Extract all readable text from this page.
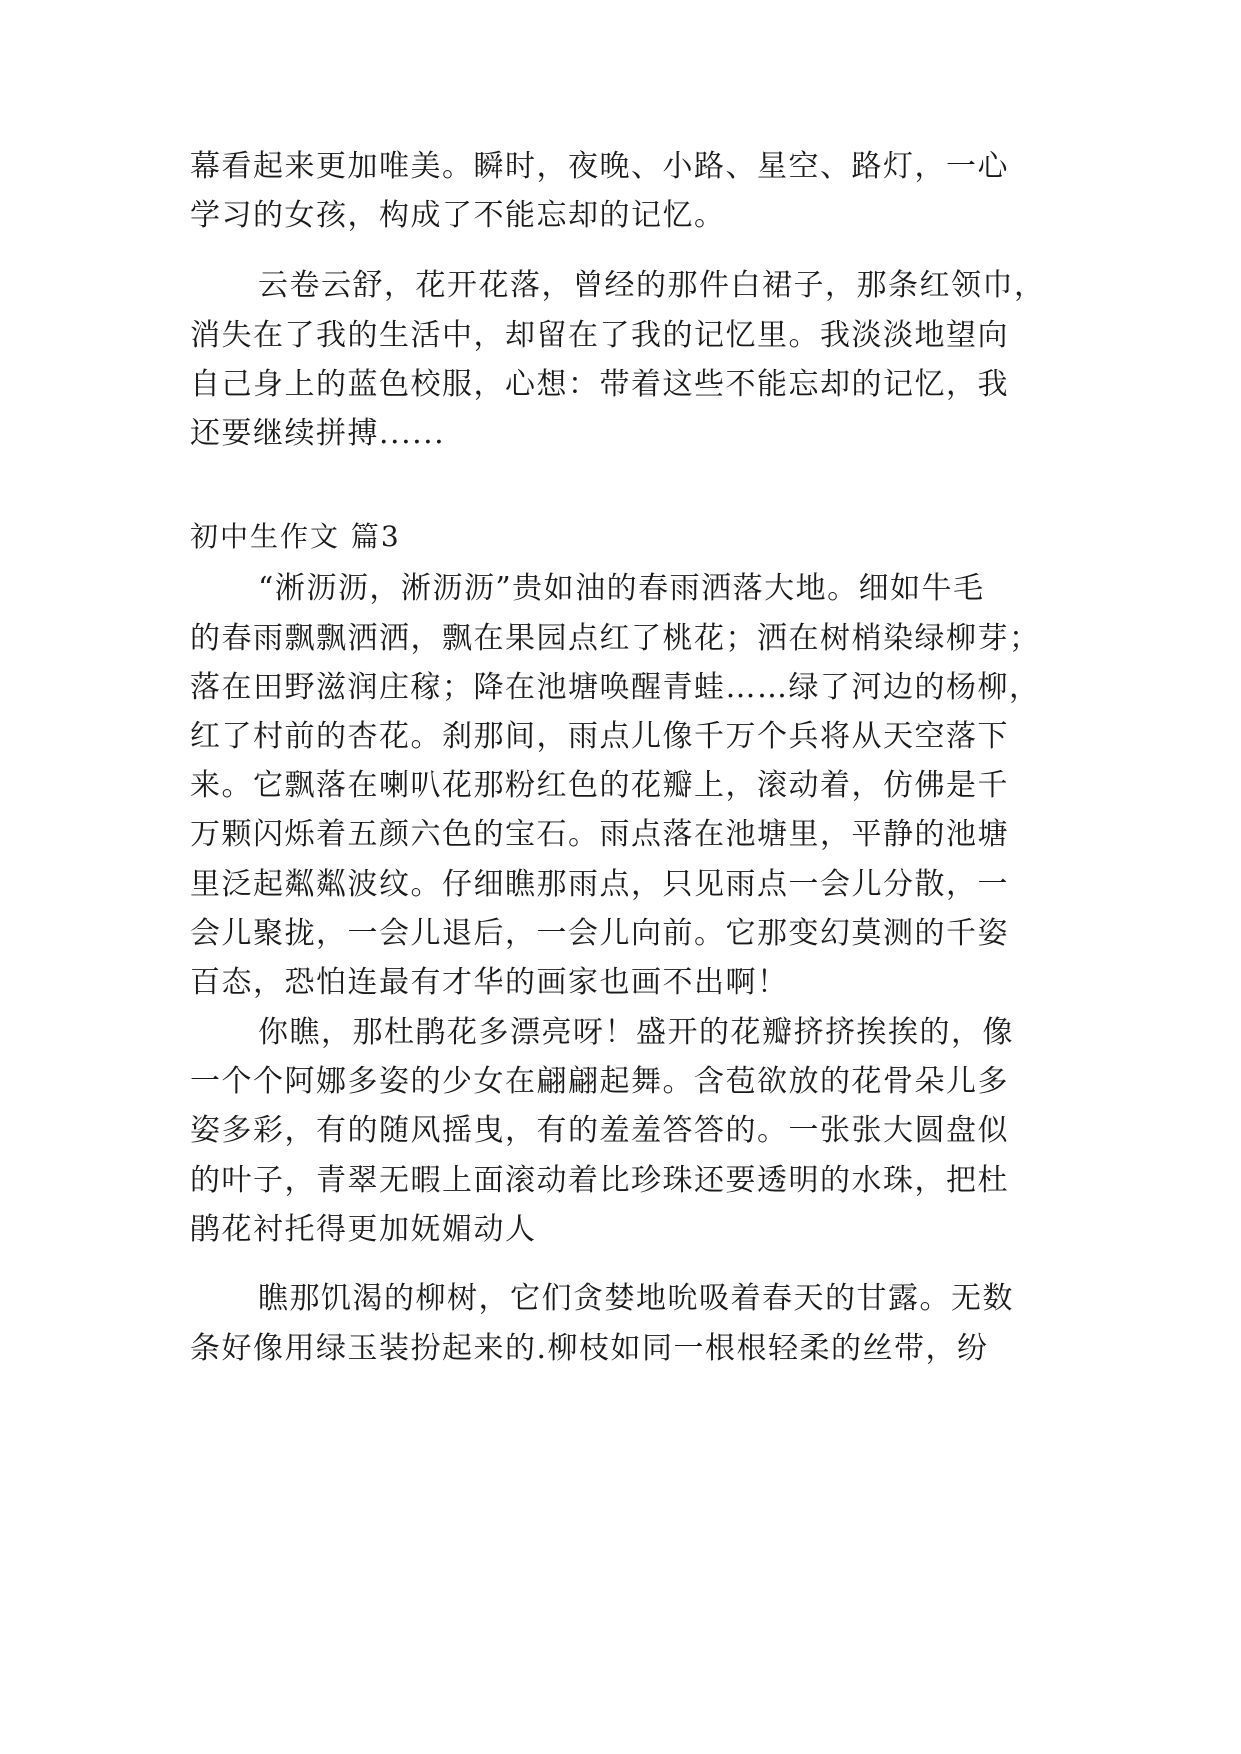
幕看起来更加唯美。瞬时，夜晚、小路、星空、路灯，一心
学习的女孩，构成了不能忘却的记忆。
云卷云舒，花开花落，曾经的那件白裙子，那条红领巾，
消失在了我的生活中，却留在了我的记忆里。我淡淡地望向
自己身上的蓝色校服，心想：带着这些不能忘却的记忆，我
还要继续拼搏......
初中生作文 篇3
“淅沥沥，淅沥沥”贵如油的春雨洒落大地。细如牛毛
的春雨飘飘洒洒，飘在果园点红了桃花；洒在树梢染绿柳芽；
落在田野滋润庄稼；降在池塘唤醒青蛙……绿了河边的杨柳，
红了村前的杏花。刹那间，雨点儿像千万个兵将从天空落下
来。它飘落在喇叭花那粉红色的花瓣上，滚动着，仿佛是千
万颗闪烁着五颜六色的宝石。雨点落在池塘里，平静的池塘
里泛起粼粼波纹。仔细瞧那雨点，只见雨点一会儿分散，一
会儿聚拢，一会儿退后，一会儿向前。它那变幻莫测的千姿
百态，恐怕连最有才华的画家也画不出啊！
你瞧，那杜鹃花多漂亮呀！盛开的花瓣挤挤挨挨的，像
一个个阿娜多姿的少女在翩翩起舞。含苞欲放的花骨朵儿多
姿多彩，有的随风摇曳，有的羞羞答答的。一张张大圆盘似
的叶子，青翠无暇上面滚动着比珍珠还要透明的水珠，把杜
鹃花衬托得更加妩媚动人
瞧那饥渴的柳树，它们贪婪地吮吸着春天的甘露。无数
条好像用绿玉装扮起来的.柳枝如同一根根轻柔的丝带，纷
